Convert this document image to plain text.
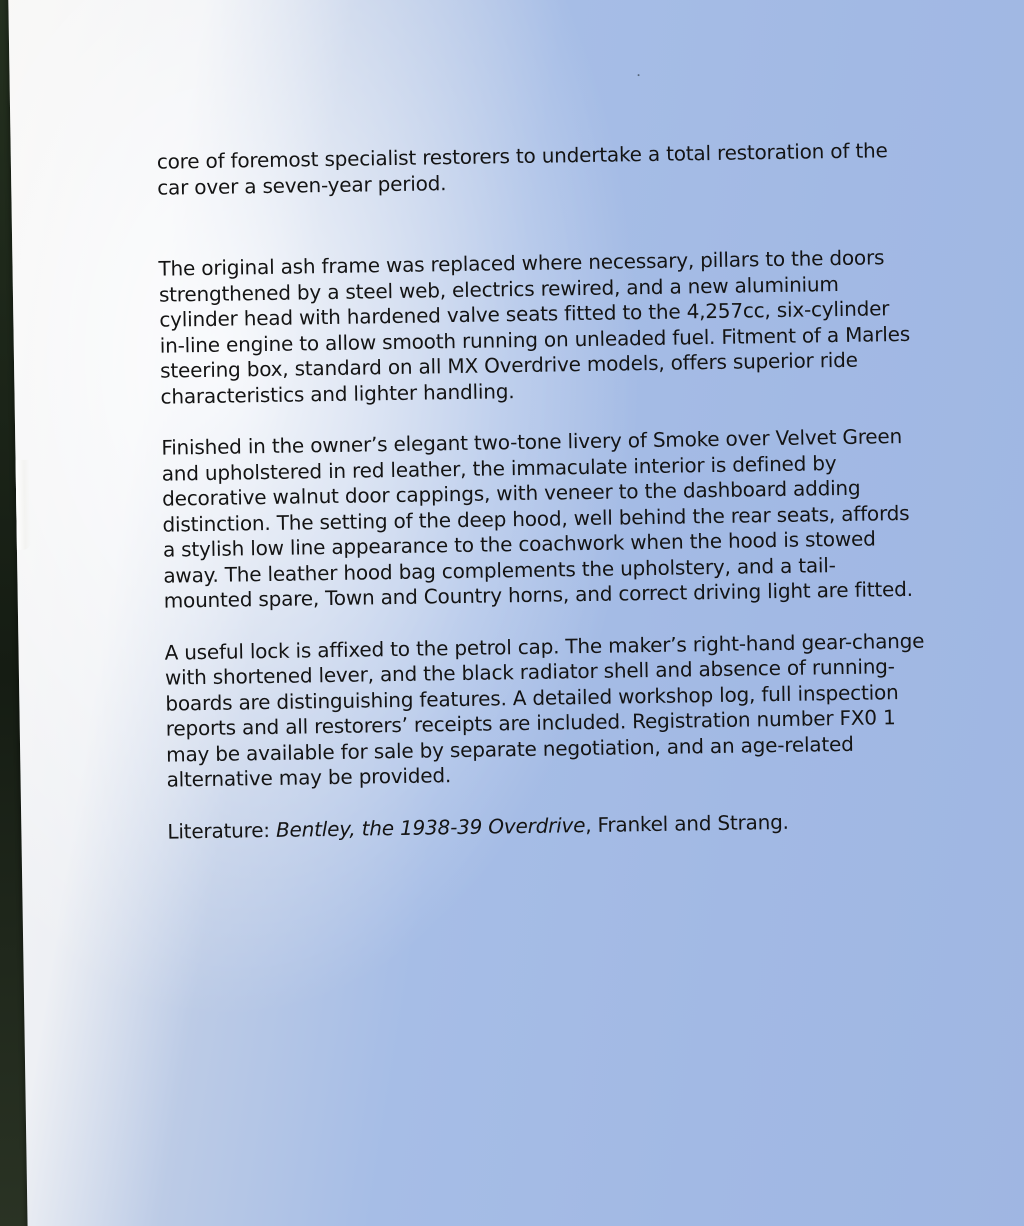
core of foremost specialist restorers to undertake a total restoration of the car over a seven-year period.

The original ash frame was replaced where necessary, pillars to the doors strengthened by a steel web, electrics rewired, and a new aluminium cylinder head with hardened valve seats fitted to the 4,257cc, six-cylinder in-line engine to allow smooth running on unleaded fuel. Fitment of a Marles steering box, standard on all MX Overdrive models, offers superior ride characteristics and lighter handling.

Finished in the owner’s elegant two-tone livery of Smoke over Velvet Green and upholstered in red leather, the immaculate interior is defined by decorative walnut door cappings, with veneer to the dashboard adding distinction. The setting of the deep hood, well behind the rear seats, affords a stylish low line appearance to the coachwork when the hood is stowed away. The leather hood bag complements the upholstery, and a tail-mounted spare, Town and Country horns, and correct driving light are fitted.

A useful lock is affixed to the petrol cap. The maker’s right-hand gear-change with shortened lever, and the black radiator shell and absence of running-boards are distinguishing features. A detailed workshop log, full inspection reports and all restorers’ receipts are included. Registration number FX0 1 may be available for sale by separate negotiation, and an age-related alternative may be provided.

Literature: Bentley, the 1938-39 Overdrive, Frankel and Strang.
